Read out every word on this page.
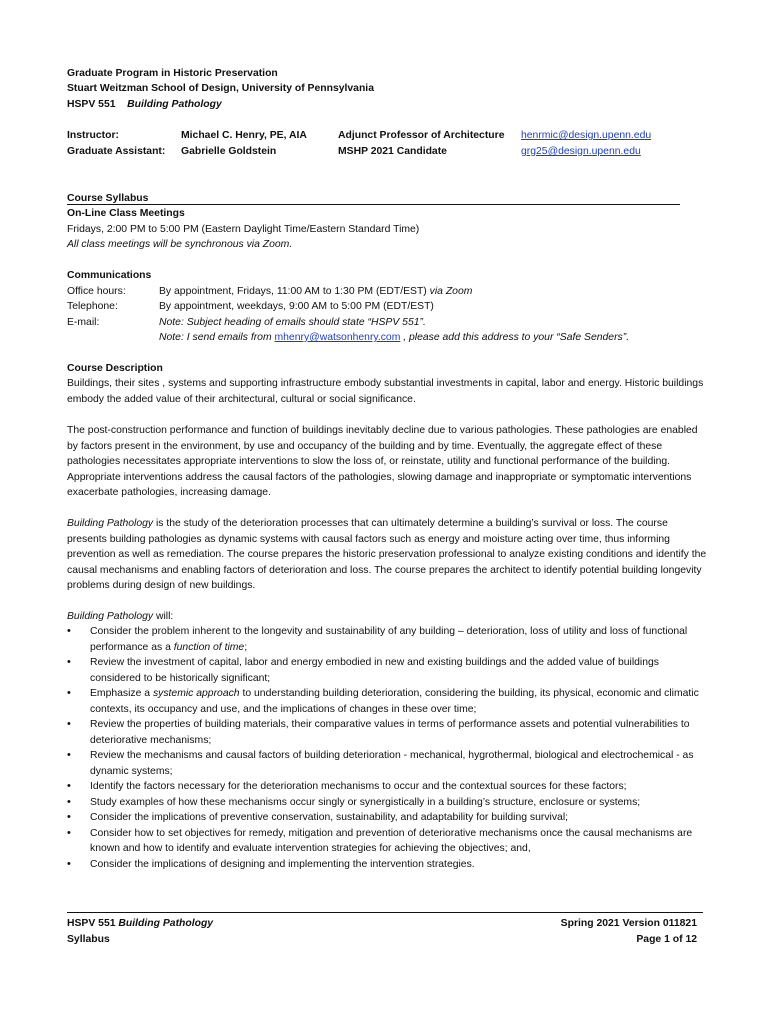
Graduate Program in Historic Preservation
Stuart Weitzman School of Design, University of Pennsylvania
HSPV 551 Building Pathology
Instructor:	Michael C. Henry, PE, AIA	Adjunct Professor of Architecture henrmic@design.upenn.edu
Graduate Assistant: Gabrielle Goldstein	MSHP 2021 Candidate	grg25@design.upenn.edu
Course Syllabus
On-Line Class Meetings
Fridays, 2:00 PM to 5:00 PM (Eastern Daylight Time/Eastern Standard Time)
All class meetings will be synchronous via Zoom.
Communications
Office hours:	By appointment, Fridays, 11:00 AM to 1:30 PM (EDT/EST) via Zoom
Telephone:	By appointment, weekdays, 9:00 AM to 5:00 PM (EDT/EST)
E-mail:	Note: Subject heading of emails should state “HSPV 551”.
Note: I send emails from mhenry@watsonhenry.com , please add this address to your “Safe Senders”.
Course Description
Buildings, their sites , systems and supporting infrastructure embody substantial investments in capital, labor and energy. Historic buildings embody the added value of their architectural, cultural or social significance.
The post-construction performance and function of buildings inevitably decline due to various pathologies. These pathologies are enabled by factors present in the environment, by use and occupancy of the building and by time. Eventually, the aggregate effect of these pathologies necessitates appropriate interventions to slow the loss of, or reinstate, utility and functional performance of the building. Appropriate interventions address the causal factors of the pathologies, slowing damage and inappropriate or symptomatic interventions exacerbate pathologies, increasing damage.
Building Pathology is the study of the deterioration processes that can ultimately determine a building’s survival or loss. The course presents building pathologies as dynamic systems with causal factors such as energy and moisture acting over time, thus informing prevention as well as remediation. The course prepares the historic preservation professional to analyze existing conditions and identify the causal mechanisms and enabling factors of deterioration and loss. The course prepares the architect to identify potential building longevity problems during design of new buildings.
Building Pathology will:
• Consider the problem inherent to the longevity and sustainability of any building – deterioration, loss of utility and loss of functional performance as a function of time;
• Review the investment of capital, labor and energy embodied in new and existing buildings and the added value of buildings considered to be historically significant;
• Emphasize a systemic approach to understanding building deterioration, considering the building, its physical, economic and climatic contexts, its occupancy and use, and the implications of changes in these over time;
• Review the properties of building materials, their comparative values in terms of performance assets and potential vulnerabilities to deteriorative mechanisms;
• Review the mechanisms and causal factors of building deterioration - mechanical, hygrothermal, biological and electrochemical - as dynamic systems;
• Identify the factors necessary for the deterioration mechanisms to occur and the contextual sources for these factors;
• Study examples of how these mechanisms occur singly or synergistically in a building’s structure, enclosure or systems;
• Consider the implications of preventive conservation, sustainability, and adaptability for building survival;
• Consider how to set objectives for remedy, mitigation and prevention of deteriorative mechanisms once the causal mechanisms are known and how to identify and evaluate intervention strategies for achieving the objectives; and,
• Consider the implications of designing and implementing the intervention strategies.
HSPV 551 Building Pathology
Syllabus
Spring 2021 Version 011821
Page 1 of 12
